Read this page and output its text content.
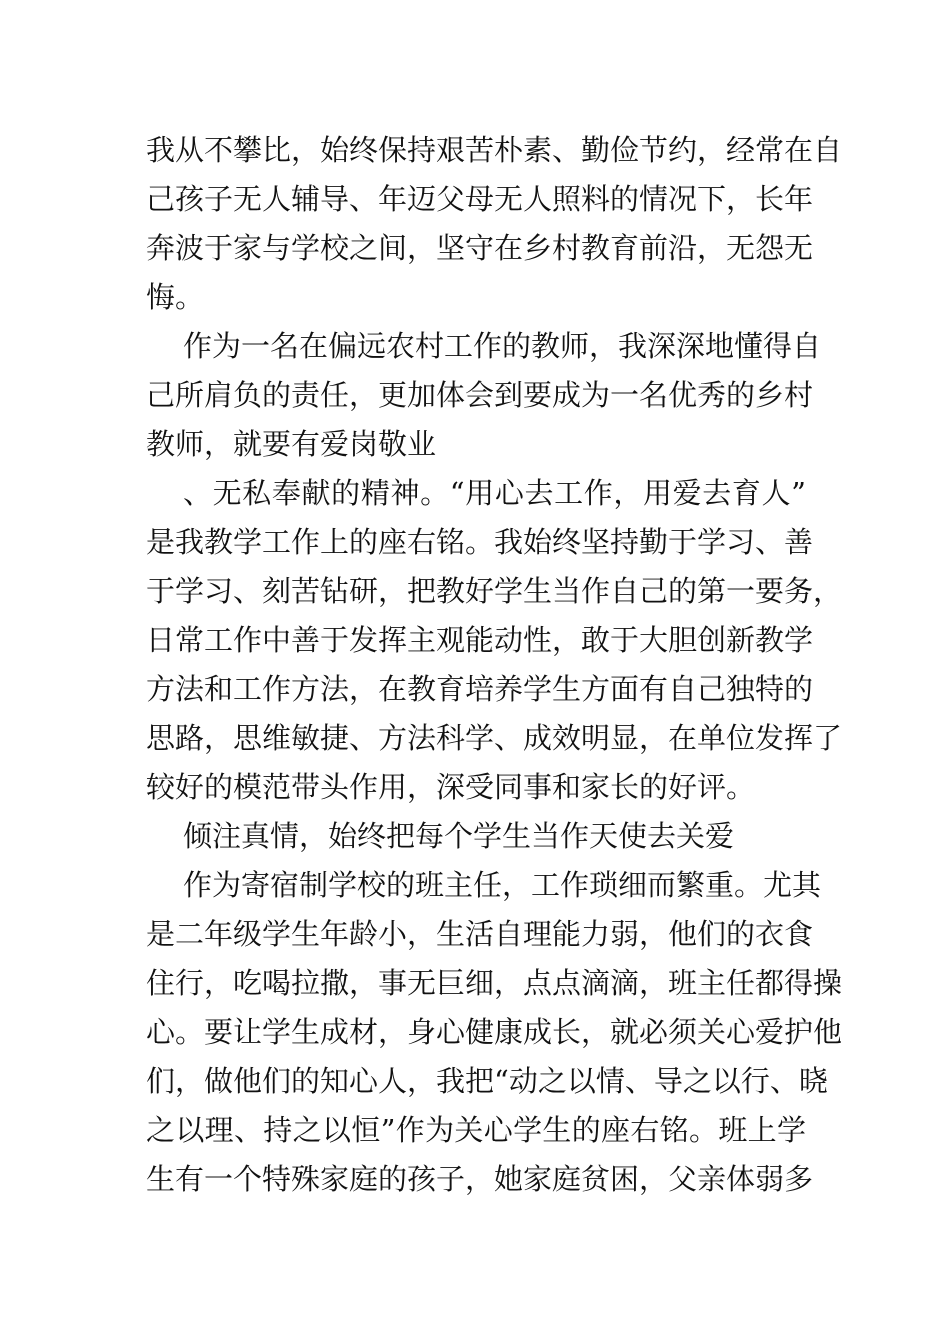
我从不攀比，始终保持艰苦朴素、勤俭节约，经常在自
己孩子无人辅导、年迈父母无人照料的情况下，长年
奔波于家与学校之间，坚守在乡村教育前沿，无怨无
悔。
作为一名在偏远农村工作的教师，我深深地懂得自
己所肩负的责任，更加体会到要成为一名优秀的乡村
教师，就要有爱岗敬业
、无私奉献的精神。“用心去工作，用爱去育人”
是我教学工作上的座右铭。我始终坚持勤于学习、善
于学习、刻苦钻研，把教好学生当作自己的第一要务，
日常工作中善于发挥主观能动性，敢于大胆创新教学
方法和工作方法，在教育培养学生方面有自己独特的
思路，思维敏捷、方法科学、成效明显，在单位发挥了
较好的模范带头作用，深受同事和家长的好评。
倾注真情，始终把每个学生当作天使去关爱
作为寄宿制学校的班主任，工作琐细而繁重。尤其
是二年级学生年龄小，生活自理能力弱，他们的衣食
住行，吃喝拉撒，事无巨细，点点滴滴，班主任都得操
心。要让学生成材，身心健康成长，就必须关心爱护他
们，做他们的知心人，我把“动之以情、导之以行、晓
之以理、持之以恒”作为关心学生的座右铭。班上学
生有一个特殊家庭的孩子，她家庭贫困，父亲体弱多
